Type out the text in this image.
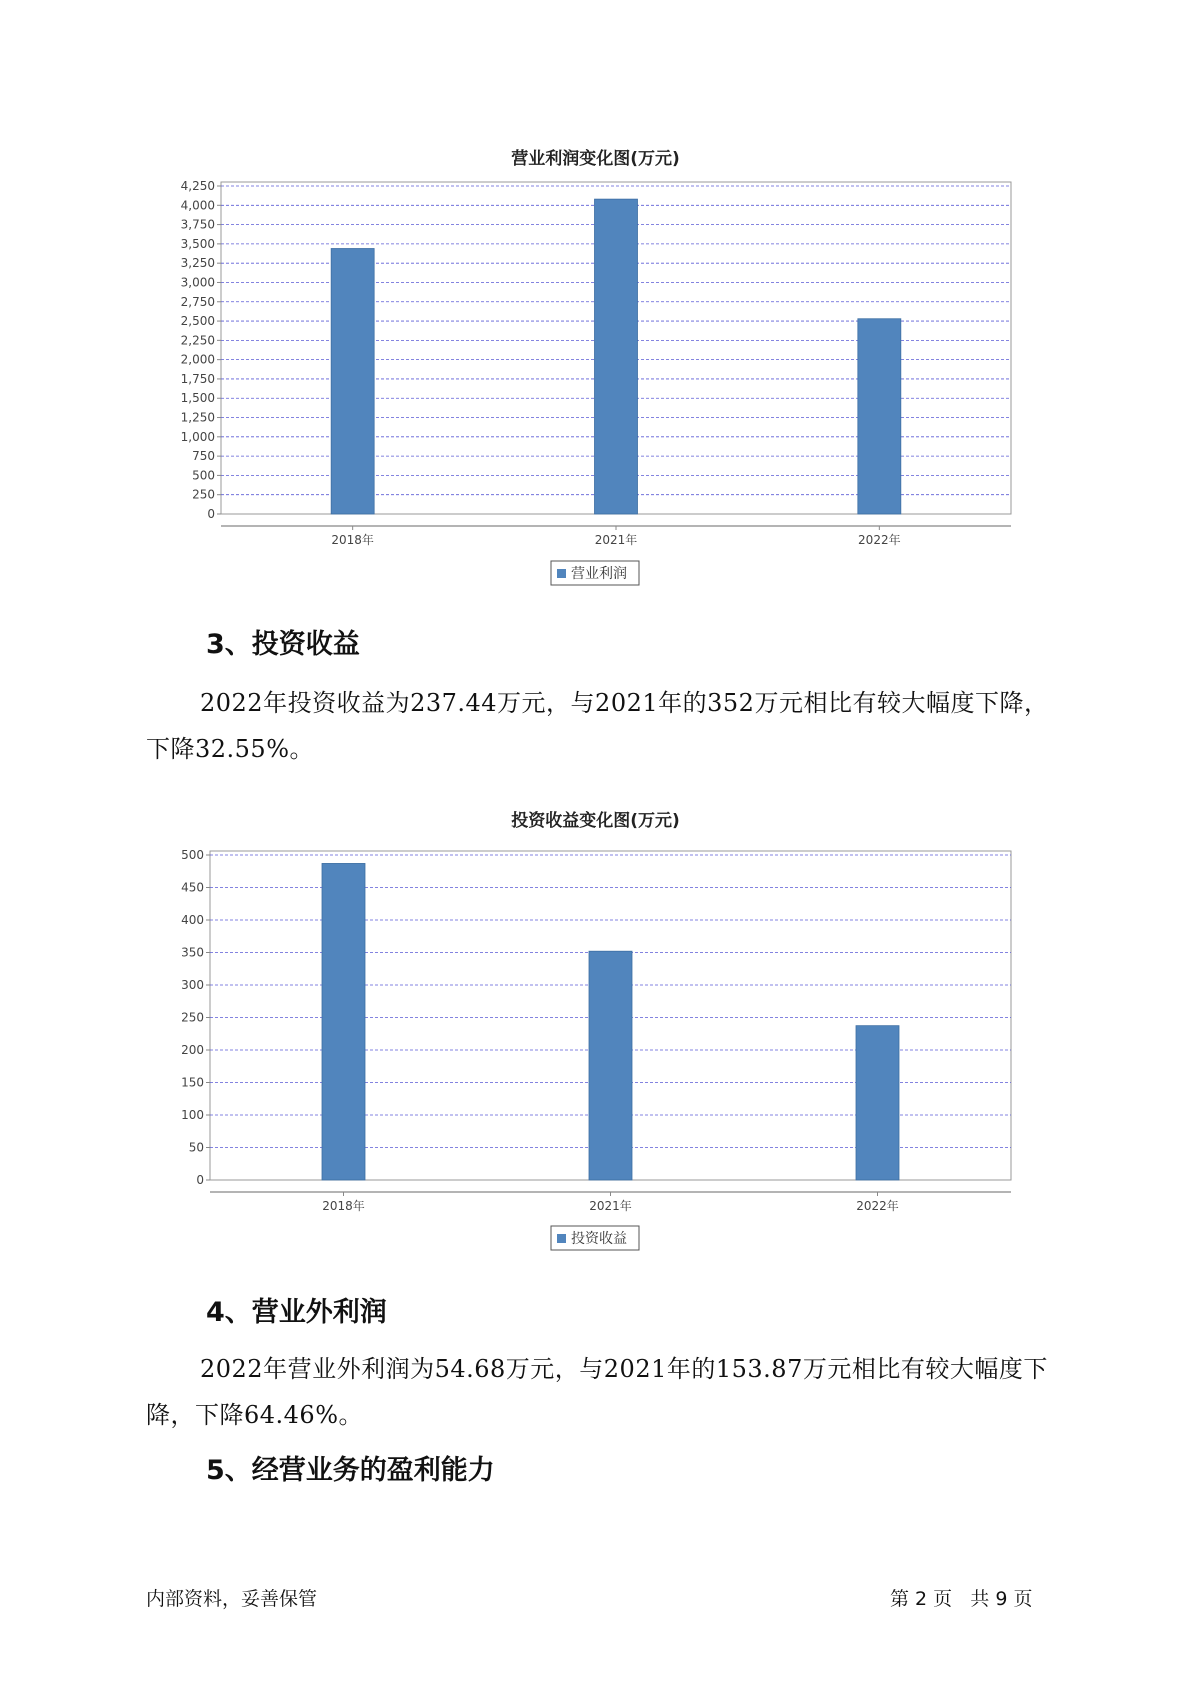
营业利润变化图(万元)
0
250
500
750
1,000
1,250
1,500
1,750
2,000
2,250
2,500
2,750
3,000
3,250
3,500
3,750
4,000
4,250
2018年	2021年	2022年
营业利润
3、投资收益
2022年投资收益为237.44万元，与2021年的352万元相比有较大幅度下降，下降32.55%。
投资收益变化图(万元)
0
50
100
150
200
250
300
350
400
450
500
2018年	2021年	2022年
投资收益
4、营业外利润
2022年营业外利润为54.68万元，与2021年的153.87万元相比有较大幅度下降，下降64.46%。
5、经营业务的盈利能力
内部资料，妥善保管	第 2 页   共 9 页
